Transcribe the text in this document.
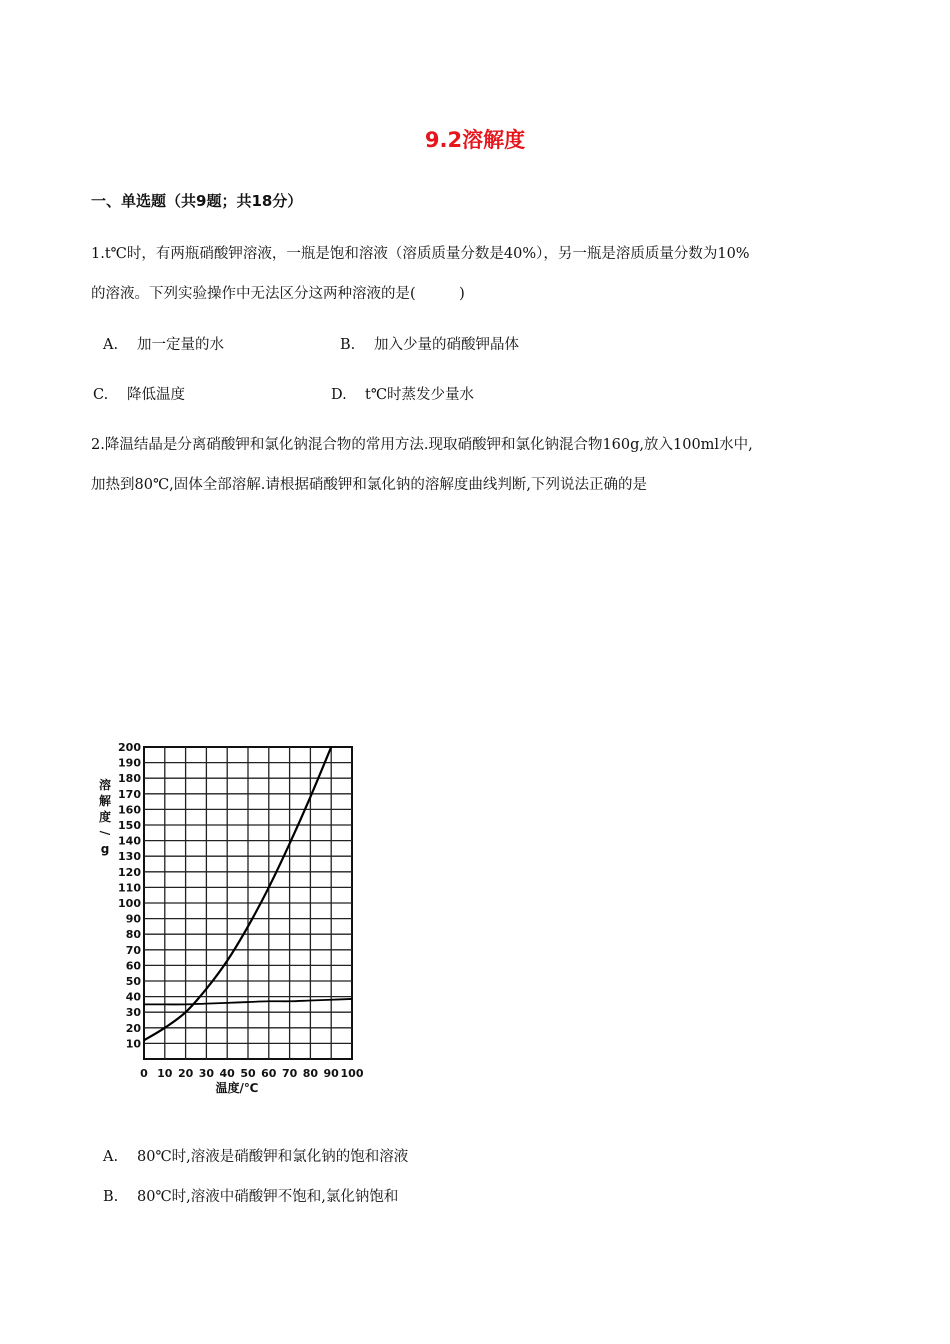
9.2溶解度
一、单选题（共9题；共18分）
1.t℃时，有两瓶硝酸钾溶液，一瓶是饱和溶液（溶质质量分数是40%），另一瓶是溶质质量分数为10%
的溶液。下列实验操作中无法区分这两种溶液的是(　　　)
A. 加一定量的水	B. 加入少量的硝酸钾晶体
C. 降低温度	D. t℃时蒸发少量水
2.降温结晶是分离硝酸钾和氯化钠混合物的常用方法.现取硝酸钾和氯化钠混合物160g,放入100ml水中,
加热到80℃,固体全部溶解.请根据硝酸钾和氯化钠的溶解度曲线判断,下列说法正确的是
10
20
30
40
50
60
70
80
90
100
110
120
130
140
150
160
170
180
190
200
0 10 20 30 40 50 60 70 80 90 100
溶
解
度
/
g
温度/℃
A. 80℃时,溶液是硝酸钾和氯化钠的饱和溶液
B. 80℃时,溶液中硝酸钾不饱和,氯化钠饱和
